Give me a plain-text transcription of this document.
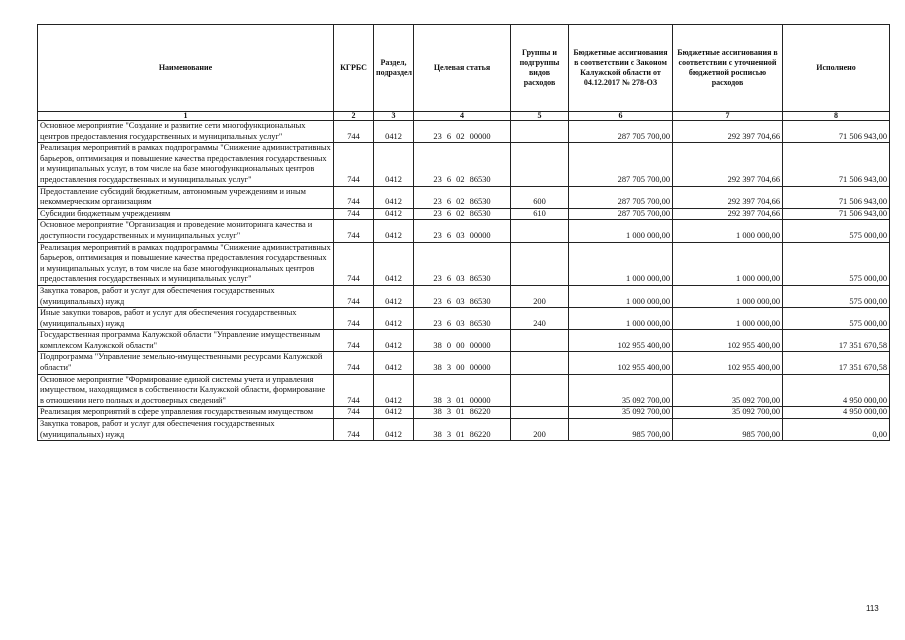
Наименование	КГРБС	Раздел, подраздел	Целевая статья	Группы и подгруппы видов расходов	Бюджетные ассигнования в соответствии с Законом Калужской области от 04.12.2017 № 278-ОЗ	Бюджетные ассигнования в соответствии с уточненной бюджетной росписью расходов	Исполнено
1	2	3	4	5	6	7	8
Основное мероприятие "Создание и развитие сети многофункциональных центров предоставления государственных и муниципальных услуг"	744	0412	23 6 02 00000		287 705 700,00	292 397 704,66	71 506 943,00
Реализация мероприятий в рамках подпрограммы "Снижение административных барьеров, оптимизация и повышение качества предоставления государственных и муниципальных услуг, в том числе на базе многофункциональных центров предоставления государственных и муниципальных услуг"	744	0412	23 6 02 86530		287 705 700,00	292 397 704,66	71 506 943,00
Предоставление субсидий бюджетным, автономным учреждениям и иным некоммерческим организациям	744	0412	23 6 02 86530	600	287 705 700,00	292 397 704,66	71 506 943,00
Субсидии бюджетным учреждениям	744	0412	23 6 02 86530	610	287 705 700,00	292 397 704,66	71 506 943,00
Основное мероприятие "Организация и проведение мониторинга качества и доступности государственных и муниципальных услуг"	744	0412	23 6 03 00000		1 000 000,00	1 000 000,00	575 000,00
Реализация мероприятий в рамках подпрограммы "Снижение административных барьеров, оптимизация и повышение качества предоставления государственных и муниципальных услуг, в том числе на базе многофункциональных центров предоставления государственных и муниципальных услуг"	744	0412	23 6 03 86530		1 000 000,00	1 000 000,00	575 000,00
Закупка товаров, работ и услуг для обеспечения государственных (муниципальных) нужд	744	0412	23 6 03 86530	200	1 000 000,00	1 000 000,00	575 000,00
Иные закупки товаров, работ и услуг для обеспечения государственных (муниципальных) нужд	744	0412	23 6 03 86530	240	1 000 000,00	1 000 000,00	575 000,00
Государственная программа Калужской области "Управление имущественным комплексом Калужской области"	744	0412	38 0 00 00000		102 955 400,00	102 955 400,00	17 351 670,58
Подпрограмма "Управление земельно-имущественными ресурсами Калужской области"	744	0412	38 3 00 00000		102 955 400,00	102 955 400,00	17 351 670,58
Основное мероприятие "Формирование единой системы учета и управления имуществом, находящимся в собственности Калужской области, формирование в отношении него полных и достоверных сведений"	744	0412	38 3 01 00000		35 092 700,00	35 092 700,00	4 950 000,00
Реализация мероприятий в сфере управления государственным имуществом	744	0412	38 3 01 86220		35 092 700,00	35 092 700,00	4 950 000,00
Закупка товаров, работ и услуг для обеспечения государственных (муниципальных) нужд	744	0412	38 3 01 86220	200	985 700,00	985 700,00	0,00
113
